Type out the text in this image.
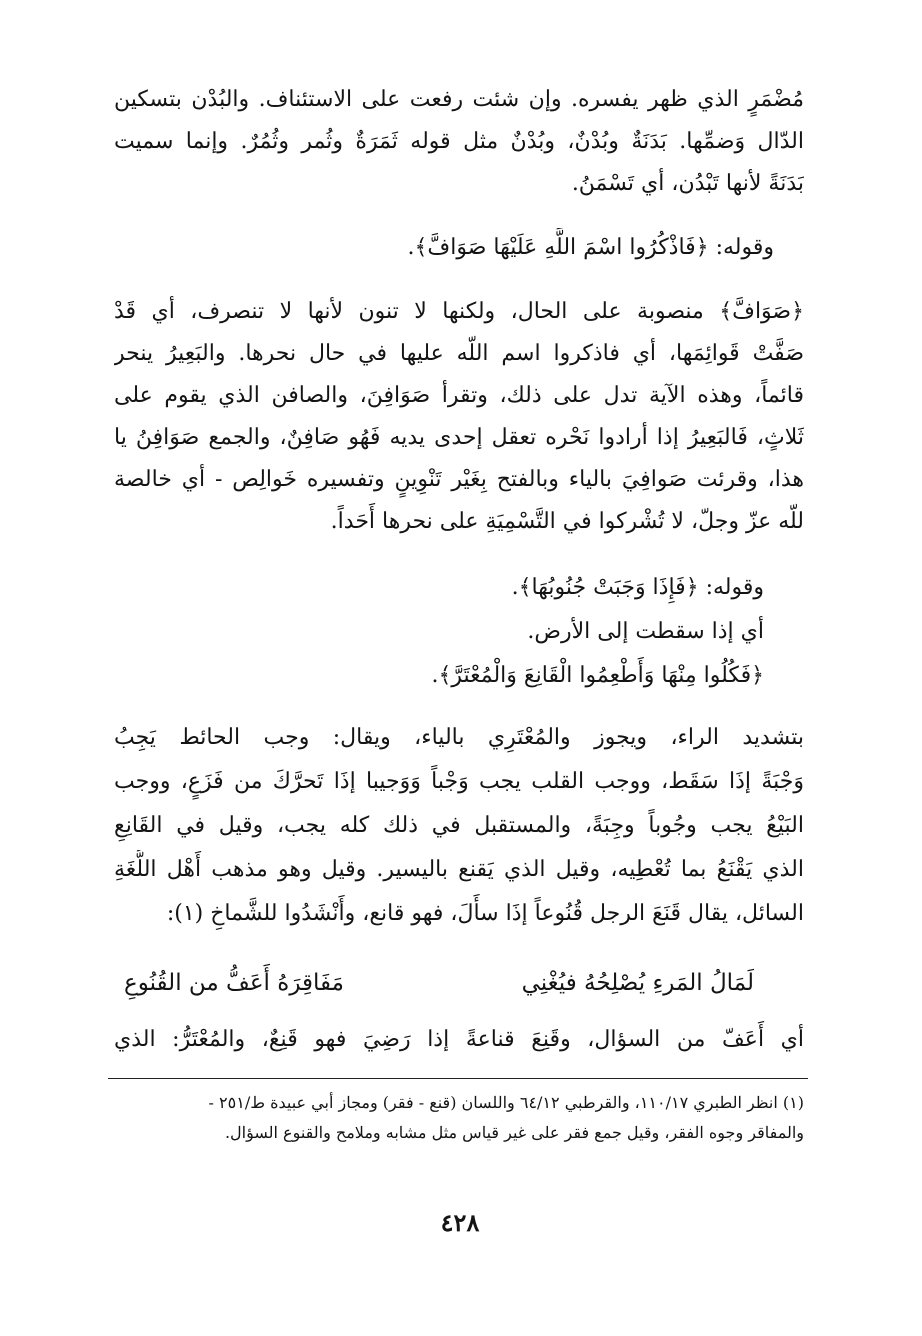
مُضْمَرٍ الذي ظهر يفسره. وإن شئت رفعت على الاستئناف. والبُدْن بتسكين
الدّال وَضمِّها. بَدَنَةٌ وبُدْنٌ، وبُدْنٌ مثل قوله ثَمَرَةٌ وثُمر وثُمُرٌ. وإنما سميت
بَدَنَةً لأنها تَبْدُن، أي تَسْمَنُ.
وقوله: ﴿فَاذْكُرُوا اسْمَ اللَّهِ عَلَيْهَا صَوَافَّ﴾.
﴿صَوَافَّ﴾ منصوبة على الحال، ولكنها لا تنون لأنها لا تنصرف، أي قَدْ
صَفَّتْ قَوائِمَها، أي فاذكروا اسم اللّه عليها في حال نحرها. والبَعِيرُ ينحر
قائماً، وهذه الآية تدل على ذلك، وتقرأ صَوَافِنَ، والصافن الذي يقوم على
ثَلاثٍ، فَالبَعِيرُ إذا أرادوا نَحْره تعقل إحدى يديه فَهُو صَافِنٌ، والجمع صَوَافِنُ يا
هذا، وقرئت صَوافِيَ بالياء وبالفتح بِغَيْر تَنْوِينٍ وتفسيره خَوالِص - أي خالصة
للّه عزّ وجلّ، لا تُشْركوا في التَّسْمِيَةِ على نحرها أَحَداً.
وقوله: ﴿فَإِذَا وَجَبَتْ جُنُوبُهَا﴾.
أي إذا سقطت إلى الأرض.
﴿فَكُلُوا مِنْهَا وَأَطْعِمُوا الْقَانِعَ وَالْمُعْتَرَّ﴾.
بتشديد الراء، ويجوز والمُعْتَرِي بالياء، ويقال: وجب الحائط يَجِبُ
وَجْبَةً إذَا سَقَط، ووجب القلب يجب وَجْباً وَوَجيبا إذَا تَحرَّكَ من فَزَعٍ، ووجب
البَيْعُ يجب وجُوباً وجِبَةً، والمستقبل في ذلك كله يجب، وقيل في القَانِعِ
الذي يَقْنَعُ بما تُعْطِيه، وقيل الذي يَقنع باليسير. وقيل وهو مذهب أَهْل اللُّغَةِ
السائل، يقال قَنَعَ الرجل قُنُوعاً إذَا سأَلَ، فهو قانع، وأَنْشَدُوا للشَّماخِ (١):
لَمَالُ المَرءِ يُصْلِحُهُ فيُغْنِي
مَفَاقِرَهُ أَعَفُّ من القُنُوعِ
أي أَعَفّ من السؤال، وقَنِعَ قناعةً إذا رَضِيَ فهو قَنِعٌ، والمُعْتَرُّ: الذي
(١) انظر الطبري ١١٠/١٧، والقرطبي ٦٤/١٢ واللسان (قنع - فقر) ومجاز أبي عبيدة ط/٢٥١ -
والمفاقر وجوه الفقر، وقيل جمع فقر على غير قياس مثل مشابه وملامح والقنوع السؤال.
٤٢٨
